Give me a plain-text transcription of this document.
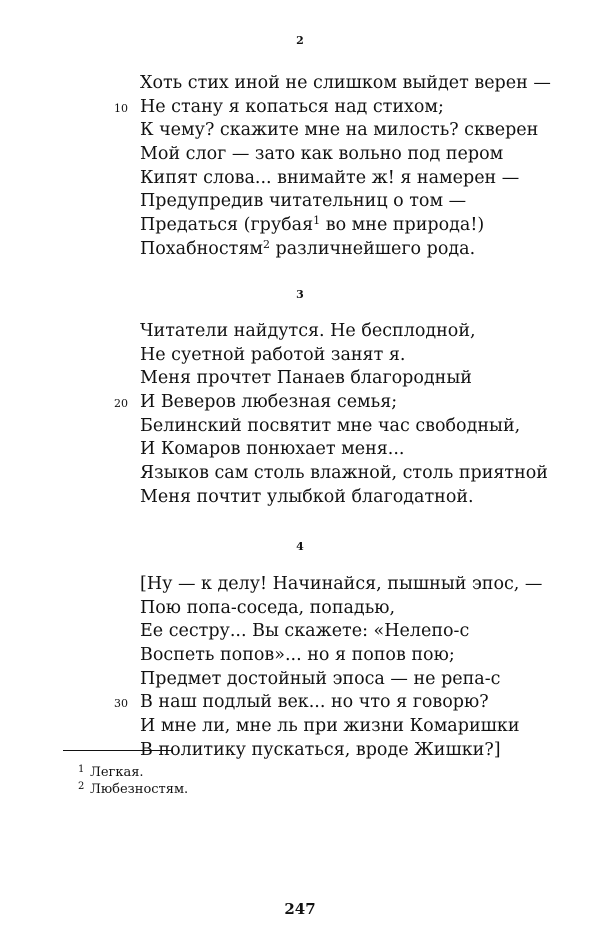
2
Хоть стих иной не слишком выйдет верен —
10 Не стану я копаться над стихом;
К чему? скажите мне на милость? скверен
Мой слог — зато как вольно под пером
Кипят слова... внимайте ж! я намерен —
Предупредив читательниц о том —
Предаться (грубая$^1$ во мне природа!)
Похабностям$^2$ различнейшего рода.
3
Читатели найдутся. Не бесплодной,
Не суетной работой занят я.
Меня прочтет Панаев благородный
20 И Веверов любезная семья;
Белинский посвятит мне час свободный,
И Комаров понюхает меня...
Языков сам столь влажной, столь приятной
Меня почтит улыбкой благодатной.
4
[Ну — к делу! Начинайся, пышный эпос, —
Пою попа-соседа, попадью,
Ее сестру... Вы скажете: «Нелепо-с
Воспеть попов»... но я попов пою;
Предмет достойный эпоса — не репа-с
30 В наш подлый век... но что я говорю?
И мне ли, мне ль при жизни Комаришки
В политику пускаться, вроде Жишки?]
1 Легкая.
2 Любезностям.
247
